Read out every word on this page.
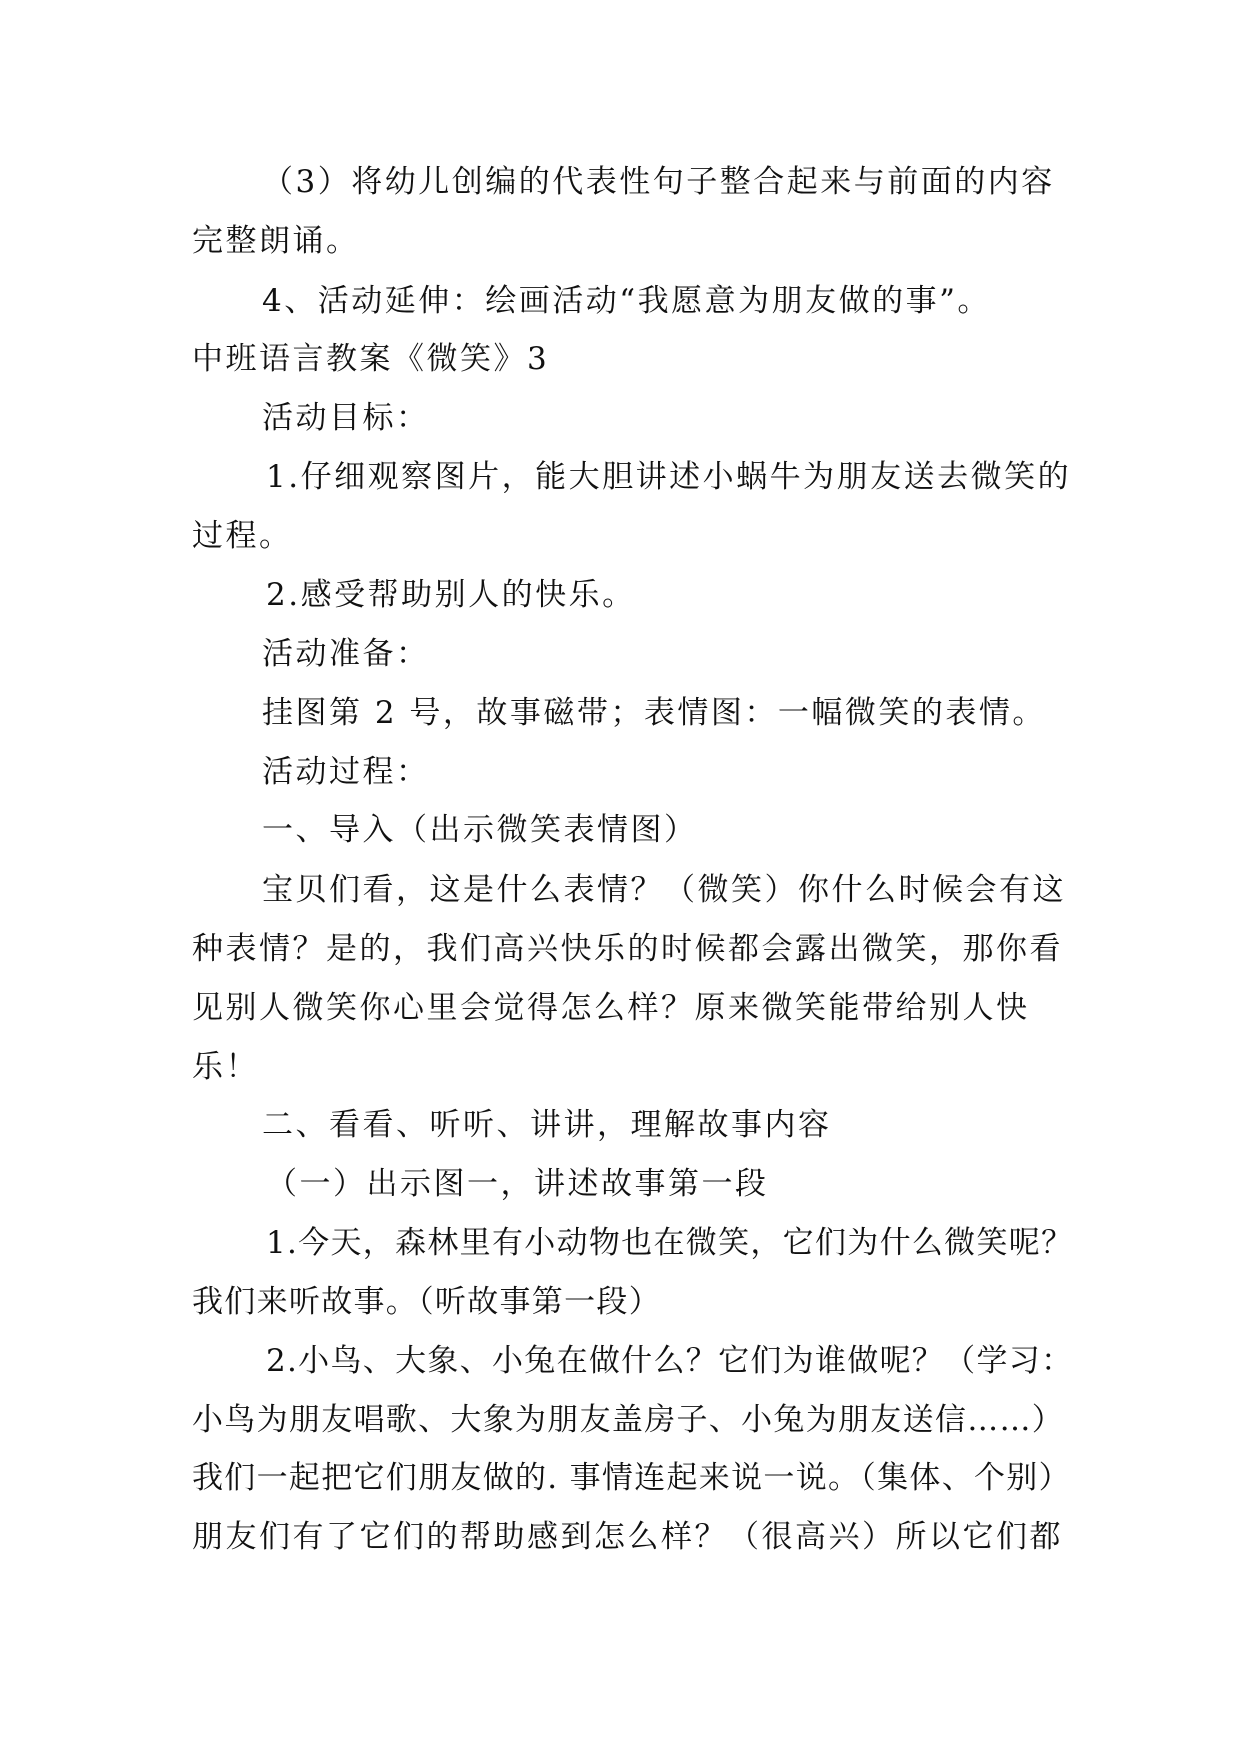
（3）将幼儿创编的代表性句子整合起来与前面的内容
完整朗诵。
4、活动延伸：绘画活动“我愿意为朋友做的事”。
中班语言教案《微笑》3
活动目标：
1.仔细观察图片，能大胆讲述小蜗牛为朋友送去微笑的
过程。
2.感受帮助别人的快乐。
活动准备：
挂图第 2 号，故事磁带；表情图：一幅微笑的表情。
活动过程：
一、导入（出示微笑表情图）
宝贝们看，这是什么表情？（微笑）你什么时候会有这
种表情？是的，我们高兴快乐的时候都会露出微笑，那你看
见别人微笑你心里会觉得怎么样？原来微笑能带给别人快
乐！
二、看看、听听、讲讲，理解故事内容
（一）出示图一，讲述故事第一段
1.今天，森林里有小动物也在微笑，它们为什么微笑呢？
我们来听故事。（听故事第一段）
2.小鸟、大象、小兔在做什么？它们为谁做呢？（学习：
小鸟为朋友唱歌、大象为朋友盖房子、小兔为朋友送信……）
我们一起把它们朋友做的. 事情连起来说一说。（集体、个别）
朋友们有了它们的帮助感到怎么样？（很高兴）所以它们都
